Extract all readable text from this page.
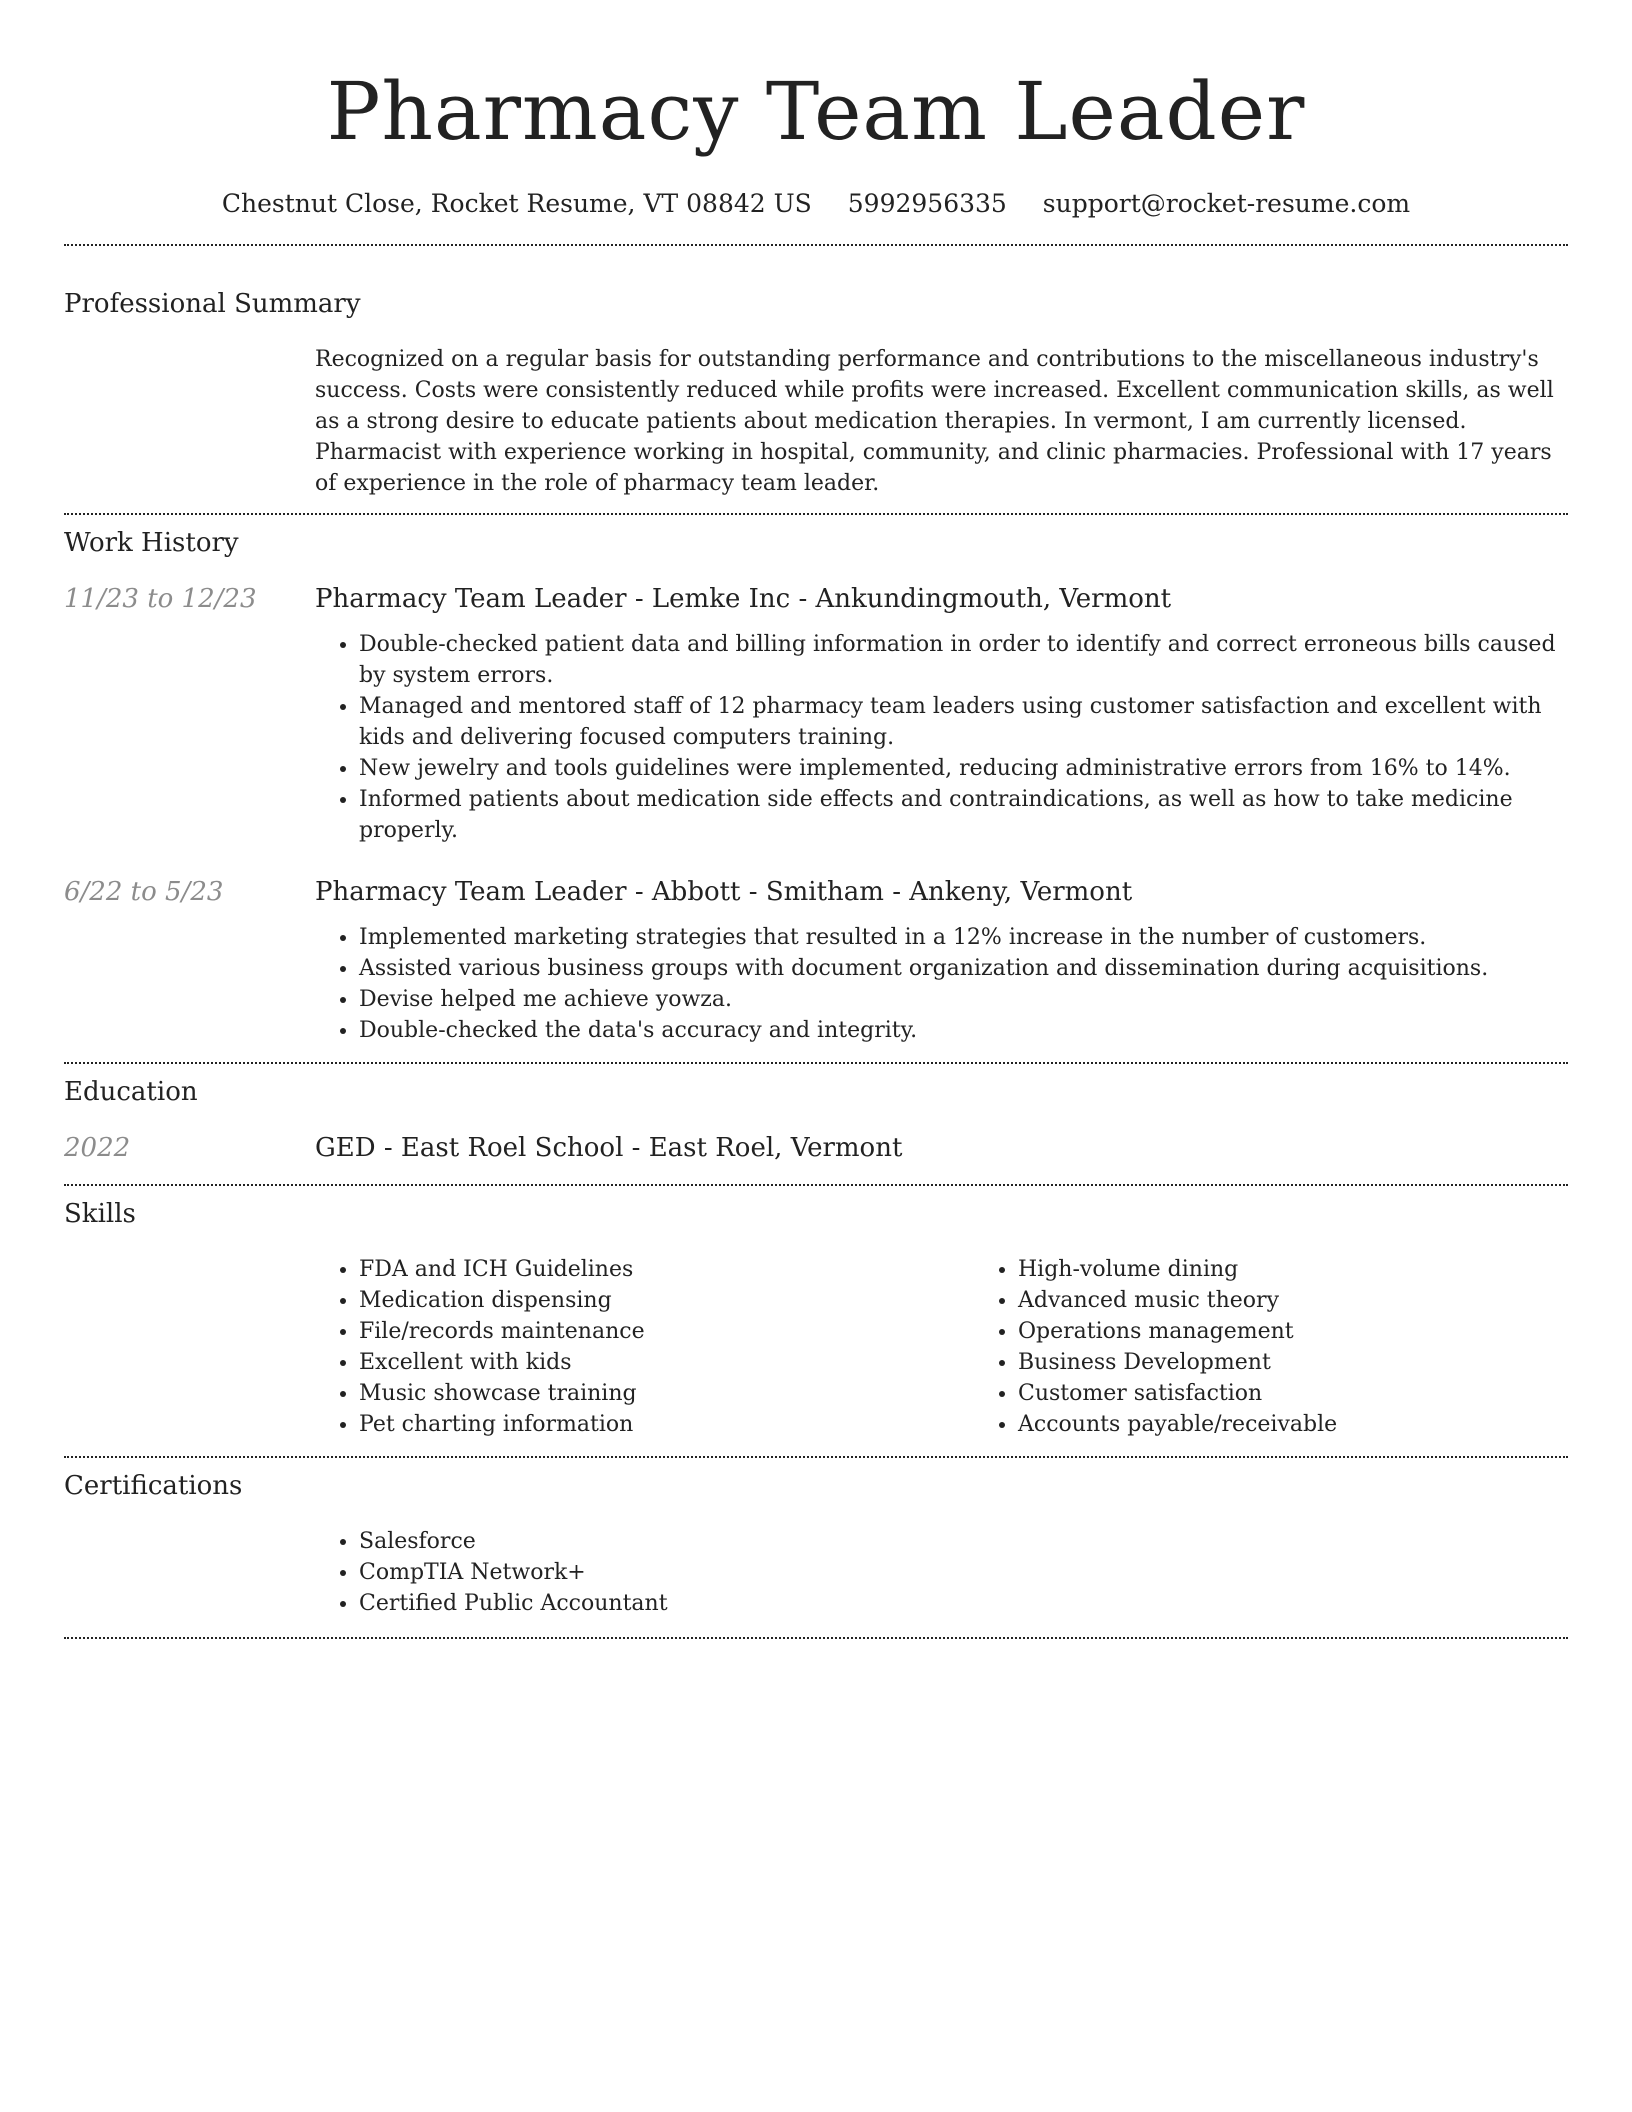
Pharmacy Team Leader
Chestnut Close, Rocket Resume, VT 08842 US 5992956335 support@rocket-resume.com
Professional Summary
Recognized on a regular basis for outstanding performance and contributions to the miscellaneous industry's success. Costs were consistently reduced while profits were increased. Excellent communication skills, as well as a strong desire to educate patients about medication therapies. In vermont, I am currently licensed. Pharmacist with experience working in hospital, community, and clinic pharmacies. Professional with 17 years of experience in the role of pharmacy team leader.
Work History
11/23 to 12/23	Pharmacy Team Leader - Lemke Inc - Ankundingmouth, Vermont
• Double-checked patient data and billing information in order to identify and correct erroneous bills caused by system errors.
• Managed and mentored staff of 12 pharmacy team leaders using customer satisfaction and excellent with kids and delivering focused computers training.
• New jewelry and tools guidelines were implemented, reducing administrative errors from 16% to 14%.
• Informed patients about medication side effects and contraindications, as well as how to take medicine properly.
6/22 to 5/23	Pharmacy Team Leader - Abbott - Smitham - Ankeny, Vermont
• Implemented marketing strategies that resulted in a 12% increase in the number of customers.
• Assisted various business groups with document organization and dissemination during acquisitions.
• Devise helped me achieve yowza.
• Double-checked the data's accuracy and integrity.
Education
2022	GED - East Roel School - East Roel, Vermont
Skills
• FDA and ICH Guidelines
• Medication dispensing
• File/records maintenance
• Excellent with kids
• Music showcase training
• Pet charting information
• High-volume dining
• Advanced music theory
• Operations management
• Business Development
• Customer satisfaction
• Accounts payable/receivable
Certifications
• Salesforce
• CompTIA Network+
• Certified Public Accountant
